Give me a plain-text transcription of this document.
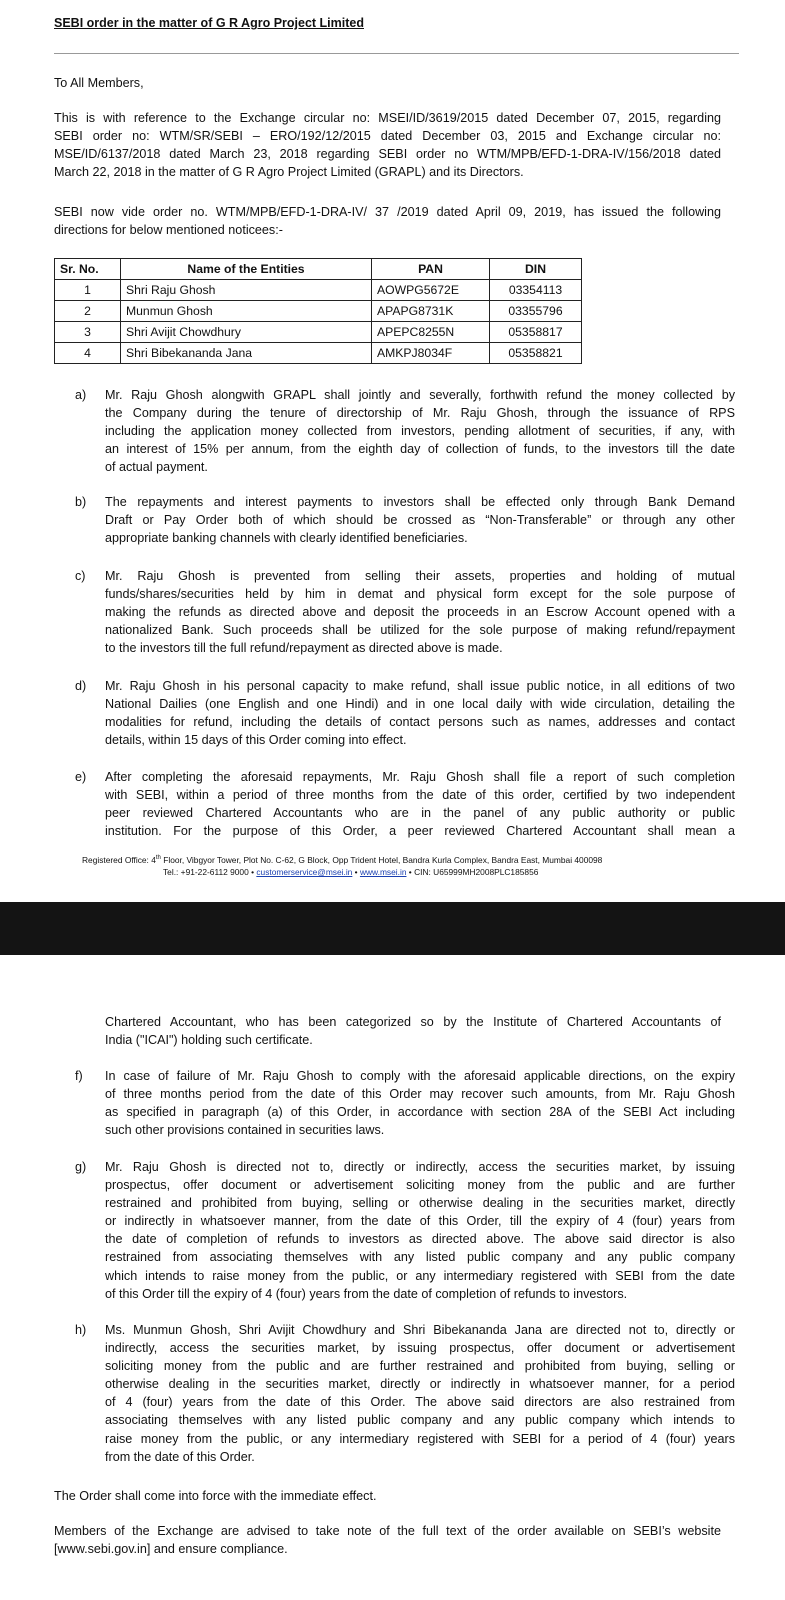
SEBI order in the matter of G R Agro Project Limited
To All Members,
This is with reference to the Exchange circular no: MSEI/ID/3619/2015 dated December 07, 2015, regarding
SEBI order no: WTM/SR/SEBI – ERO/192/12/2015 dated December 03, 2015 and Exchange circular no:
MSE/ID/6137/2018 dated March 23, 2018 regarding SEBI order no WTM/MPB/EFD-1-DRA-IV/156/2018 dated
March 22, 2018 in the matter of G R Agro Project Limited (GRAPL) and its Directors.
SEBI now vide order no. WTM/MPB/EFD-1-DRA-IV/ 37 /2019 dated April 09, 2019, has issued the following
directions for below mentioned noticees:-
Sr. No.	Name of the Entities	PAN	DIN
1	Shri Raju Ghosh	AOWPG5672E	03354113
2	Munmun Ghosh	APAPG8731K	03355796
3	Shri Avijit Chowdhury	APEPC8255N	05358817
4	Shri Bibekananda Jana	AMKPJ8034F	05358821
a) Mr. Raju Ghosh alongwith GRAPL shall jointly and severally, forthwith refund the money collected by
the Company during the tenure of directorship of Mr. Raju Ghosh, through the issuance of RPS
including the application money collected from investors, pending allotment of securities, if any, with
an interest of 15% per annum, from the eighth day of collection of funds, to the investors till the date
of actual payment.
b) The repayments and interest payments to investors shall be effected only through Bank Demand
Draft or Pay Order both of which should be crossed as “Non-Transferable” or through any other
appropriate banking channels with clearly identified beneficiaries.
c) Mr. Raju Ghosh is prevented from selling their assets, properties and holding of mutual
funds/shares/securities held by him in demat and physical form except for the sole purpose of
making the refunds as directed above and deposit the proceeds in an Escrow Account opened with a
nationalized Bank. Such proceeds shall be utilized for the sole purpose of making refund/repayment
to the investors till the full refund/repayment as directed above is made.
d) Mr. Raju Ghosh in his personal capacity to make refund, shall issue public notice, in all editions of two
National Dailies (one English and one Hindi) and in one local daily with wide circulation, detailing the
modalities for refund, including the details of contact persons such as names, addresses and contact
details, within 15 days of this Order coming into effect.
e) After completing the aforesaid repayments, Mr. Raju Ghosh shall file a report of such completion
with SEBI, within a period of three months from the date of this order, certified by two independent
peer reviewed Chartered Accountants who are in the panel of any public authority or public
institution. For the purpose of this Order, a peer reviewed Chartered Accountant shall mean a
Registered Office: 4th Floor, Vibgyor Tower, Plot No. C-62, G Block, Opp Trident Hotel, Bandra Kurla Complex, Bandra East, Mumbai 400098
Tel.: +91-22-6112 9000 • customerservice@msei.in • www.msei.in • CIN: U65999MH2008PLC185856
Chartered Accountant, who has been categorized so by the Institute of Chartered Accountants of
India ("ICAI") holding such certificate.
f) In case of failure of Mr. Raju Ghosh to comply with the aforesaid applicable directions, on the expiry
of three months period from the date of this Order may recover such amounts, from Mr. Raju Ghosh
as specified in paragraph (a) of this Order, in accordance with section 28A of the SEBI Act including
such other provisions contained in securities laws.
g) Mr. Raju Ghosh is directed not to, directly or indirectly, access the securities market, by issuing
prospectus, offer document or advertisement soliciting money from the public and are further
restrained and prohibited from buying, selling or otherwise dealing in the securities market, directly
or indirectly in whatsoever manner, from the date of this Order, till the expiry of 4 (four) years from
the date of completion of refunds to investors as directed above. The above said director is also
restrained from associating themselves with any listed public company and any public company
which intends to raise money from the public, or any intermediary registered with SEBI from the date
of this Order till the expiry of 4 (four) years from the date of completion of refunds to investors.
h) Ms. Munmun Ghosh, Shri Avijit Chowdhury and Shri Bibekananda Jana are directed not to, directly or
indirectly, access the securities market, by issuing prospectus, offer document or advertisement
soliciting money from the public and are further restrained and prohibited from buying, selling or
otherwise dealing in the securities market, directly or indirectly in whatsoever manner, for a period
of 4 (four) years from the date of this Order. The above said directors are also restrained from
associating themselves with any listed public company and any public company which intends to
raise money from the public, or any intermediary registered with SEBI for a period of 4 (four) years
from the date of this Order.
The Order shall come into force with the immediate effect.
Members of the Exchange are advised to take note of the full text of the order available on SEBI’s website
[www.sebi.gov.in] and ensure compliance.
